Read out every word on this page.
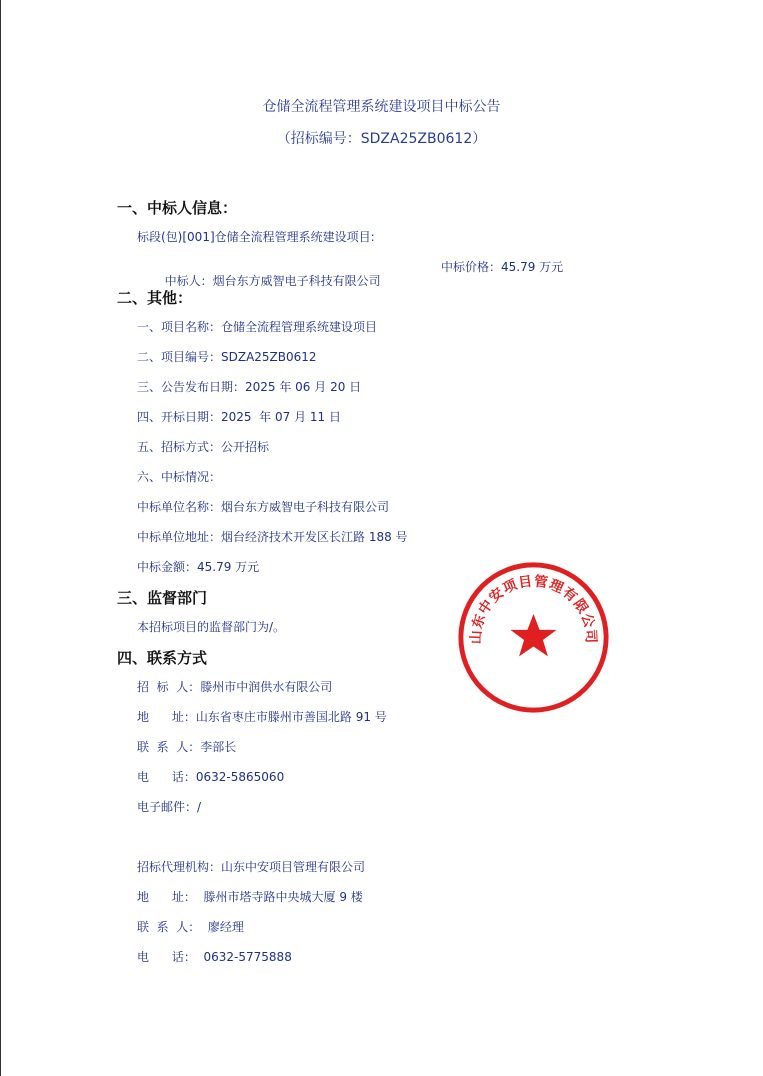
仓储全流程管理系统建设项目中标公告
（招标编号：SDZA25ZB0612）
一、中标人信息：
标段(包)[001]仓储全流程管理系统建设项目:

中标人：烟台东方威智电子科技有限公司

中标价格：45.79 万元
二、其他：
一、项目名称：仓储全流程管理系统建设项目
二、项目编号：SDZA25ZB0612
三、公告发布日期：2025 年 06 月 20 日
四、开标日期：2025  年 07 月 11 日
五、招标方式：公开招标
六、中标情况：
中标单位名称：烟台东方威智电子科技有限公司
中标单位地址：烟台经济技术开发区长江路 188 号
中标金额：45.79 万元
三、监督部门
本招标项目的监督部门为/。
四、联系方式
招  标  人：滕州市中润供水有限公司
地      址：山东省枣庄市滕州市善国北路 91 号
联  系  人：李部长
电      话：0632-5865060
电子邮件：/
招标代理机构：山东中安项目管理有限公司
地      址：  滕州市塔寺路中央城大厦 9 楼
联  系  人：  廖经理
电      话：  0632-5775888
山东中安项目管理有限公司
